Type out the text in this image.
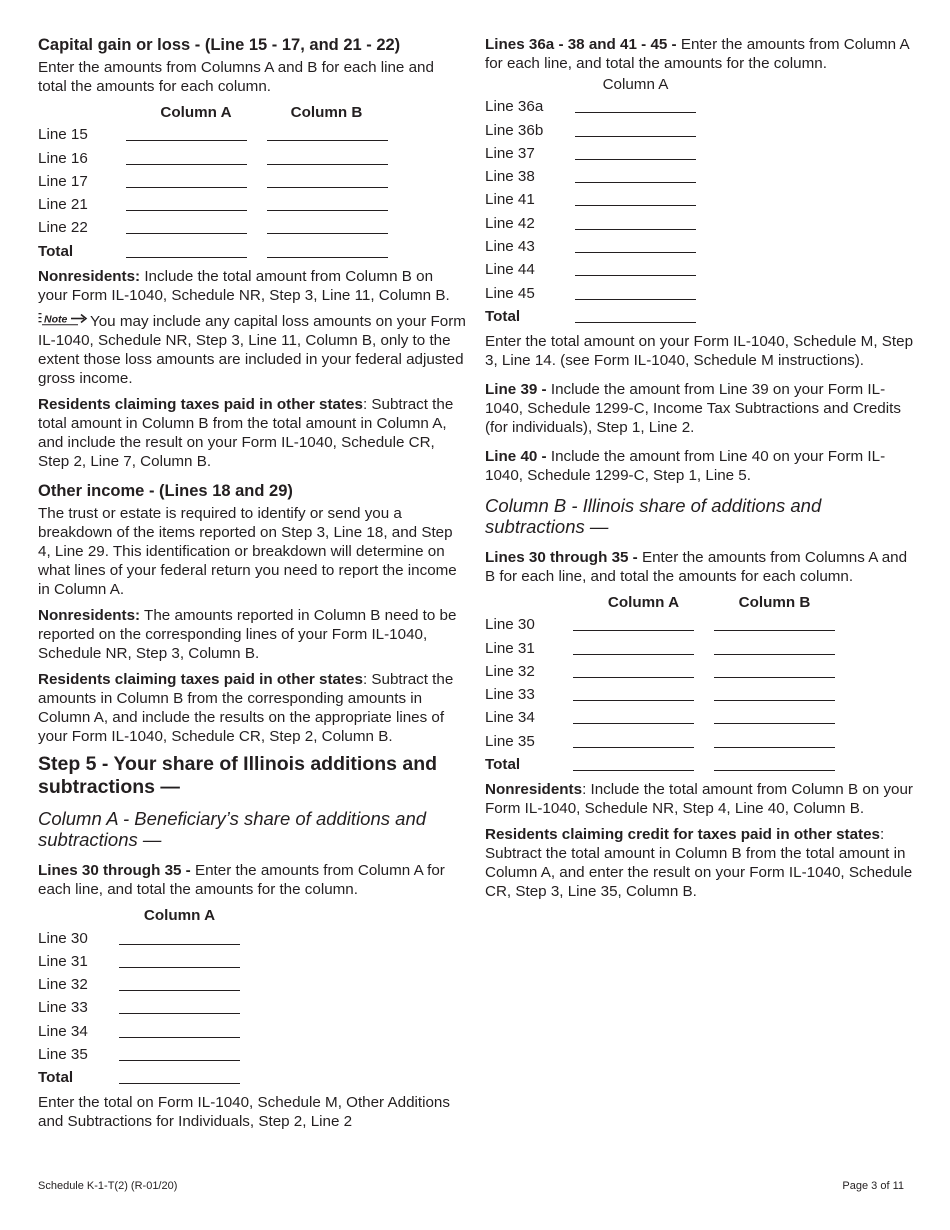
Capital gain or loss - (Line 15 - 17, and 21 - 22)

Enter the amounts from Columns A and B for each line and total the amounts for each column.

Column A	Column B
Line 15
Line 16
Line 17
Line 21
Line 22
Total

Nonresidents: Include the total amount from Column B on your Form IL-1040, Schedule NR, Step 3, Line 11, Column B.

Note You may include any capital loss amounts on your Form IL-1040, Schedule NR, Step 3, Line 11, Column B, only to the extent those loss amounts are included in your federal adjusted gross income.

Residents claiming taxes paid in other states: Subtract the total amount in Column B from the total amount in Column A, and include the result on your Form IL-1040, Schedule CR, Step 2, Line 7, Column B.

Other income - (Lines 18 and 29)

The trust or estate is required to identify or send you a breakdown of the items reported on Step 3, Line 18, and Step 4, Line 29. This identification or breakdown will determine on what lines of your federal return you need to report the income in Column A.

Nonresidents: The amounts reported in Column B need to be reported on the corresponding lines of your Form IL-1040, Schedule NR, Step 3, Column B.

Residents claiming taxes paid in other states: Subtract the amounts in Column B from the corresponding amounts in Column A, and include the results on the appropriate lines of your Form IL-1040, Schedule CR, Step 2, Column B.

Step 5 - Your share of Illinois additions and subtractions —
Column A - Beneficiary’s share of additions and subtractions —

Lines 30 through 35 - Enter the amounts from Column A for each line, and total the amounts for the column.

Column A
Line 30
Line 31
Line 32
Line 33
Line 34
Line 35
Total

Enter the total on Form IL-1040, Schedule M, Other Additions and Subtractions for Individuals, Step 2, Line 2

Lines 36a - 38 and 41 - 45 - Enter the amounts from Column A for each line, and total the amounts for the column.

Column A
Line 36a
Line 36b
Line 37
Line 38
Line 41
Line 42
Line 43
Line 44
Line 45
Total

Enter the total amount on your Form IL-1040, Schedule M, Step 3, Line 14. (see Form IL-1040, Schedule M instructions).

Line 39 - Include the amount from Line 39 on your Form IL-1040, Schedule 1299-C, Income Tax Subtractions and Credits (for individuals), Step 1, Line 2.

Line 40 - Include the amount from Line 40 on your Form IL-1040, Schedule 1299-C, Step 1, Line 5.

Column B - Illinois share of additions and subtractions —

Lines 30 through 35 - Enter the amounts from Columns A and B for each line, and total the amounts for each column.

Column A	Column B
Line 30
Line 31
Line 32
Line 33
Line 34
Line 35
Total

Nonresidents: Include the total amount from Column B on your Form IL-1040, Schedule NR, Step 4, Line 40, Column B.

Residents claiming credit for taxes paid in other states: Subtract the total amount in Column B from the total amount in Column A, and enter the result on your Form IL-1040, Schedule CR, Step 3, Line 35, Column B.

Schedule K-1-T(2) (R-01/20)	Page 3 of 11
